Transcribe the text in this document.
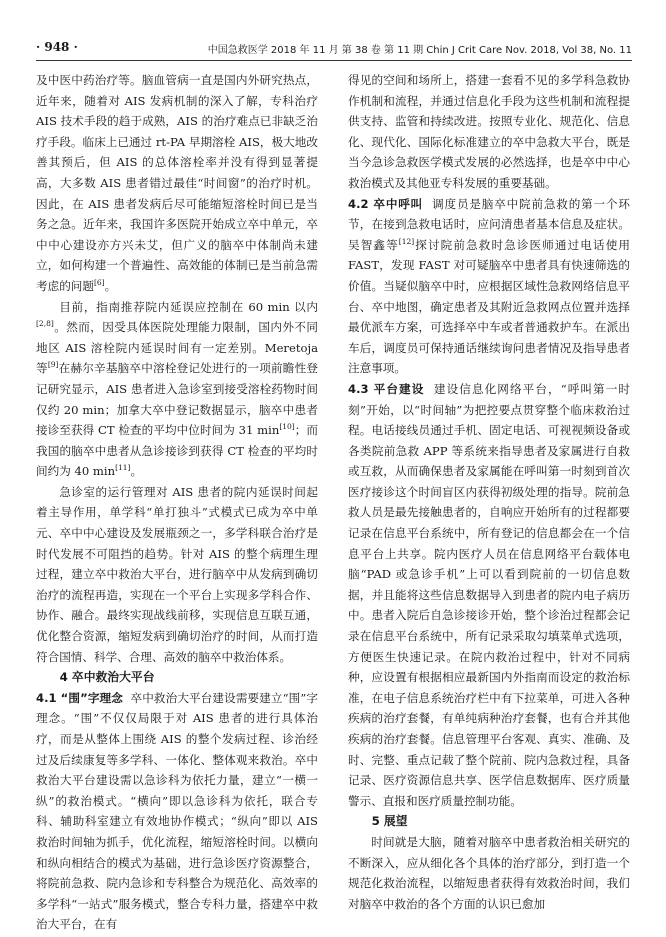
· 948 ·	中国急救医学 2018 年 11 月 第 38 卷 第 11 期 Chin J Crit Care Nov. 2018, Vol 38, No. 11

及中医中药治疗等。脑血管病一直是国内外研究热点，近年来，随着对 AIS 发病机制的深入了解，专科治疗 AIS 技术手段的趋于成熟，AIS 的治疗难点已非缺乏治疗手段。临床上已通过 rt-PA 早期溶栓 AIS，极大地改善其预后，但 AIS 的总体溶栓率并没有得到显著提高，大多数 AIS 患者错过最佳“时间窗”的治疗时机。因此，在 AIS 患者发病后尽可能缩短溶栓时间已是当务之急。近年来，我国许多医院开始成立卒中单元，卒中中心建设亦方兴未艾，但广义的脑卒中体制尚未建立，如何构建一个普遍性、高效能的体制已是当前急需考虑的问题[6]。

目前，指南推荐院内延误应控制在 60 min 以内[2,8]。然而，因受具体医院处理能力限制，国内外不同地区 AIS 溶栓院内延误时间有一定差别。Meretoja 等[9]在赫尔辛基脑卒中溶栓登记处进行的一项前瞻性登记研究显示，AIS 患者进入急诊室到接受溶栓药物时间仅约 20 min；加拿大卒中登记数据显示，脑卒中患者接诊至获得 CT 检查的平均中位时间为 31 min[10]；而我国的脑卒中患者从急诊接诊到获得 CT 检查的平均时间约为 40 min[11]。

急诊室的运行管理对 AIS 患者的院内延误时间起着主导作用，单学科“单打独斗”式模式已成为卒中单元、卒中中心建设及发展瓶颈之一，多学科联合治疗是时代发展不可阻挡的趋势。针对 AIS 的整个病理生理过程，建立卒中救治大平台，进行脑卒中从发病到确切治疗的流程再造，实现在一个平台上实现多学科合作、协作、融合。最终实现战线前移，实现信息互联互通，优化整合资源，缩短发病到确切治疗的时间，从而打造符合国情、科学、合理、高效的脑卒中救治体系。

4 卒中救治大平台

4.1 “围”字理念 卒中救治大平台建设需要建立“围”字理念。“围”不仅仅局限于对 AIS 患者的进行具体治疗，而是从整体上围绕 AIS 的整个发病过程、诊治经过及后续康复等多学科、一体化、整体观来救治。卒中救治大平台建设需以急诊科为依托力量，建立“一横一纵”的救治模式。“横向”即以急诊科为依托，联合专科、辅助科室建立有效地协作模式；“纵向”即以 AIS 救治时间轴为抓手，优化流程，缩短溶栓时间。以横向和纵向相结合的模式为基础，进行急诊医疗资源整合，将院前急救、院内急诊和专科整合为规范化、高效率的多学科“一站式”服务模式，整合专科力量，搭建卒中救治大平台，在有

得见的空间和场所上，搭建一套看不见的多学科急救协作机制和流程，并通过信息化手段为这些机制和流程提供支持、监管和持续改进。按照专业化、规范化、信息化、现代化、国际化标准建立的卒中急救大平台，既是当今急诊急救医学模式发展的必然选择，也是卒中中心救治模式及其他亚专科发展的重要基础。

4.2 卒中呼叫 调度员是脑卒中院前急救的第一个环节，在接到急救电话时，应问清患者基本信息及症状。吴智鑫等[12]探讨院前急救时急诊医师通过电话使用 FAST，发现 FAST 对可疑脑卒中患者具有快速筛选的价值。当疑似脑卒中时，应根据区域性急救网络信息平台、卒中地图，确定患者及其附近急救网点位置并选择最优派车方案，可选择卒中车或者普通救护车。在派出车后，调度员可保持通话继续询问患者情况及指导患者注意事项。

4.3 平台建设 建设信息化网络平台，“呼叫第一时刻”开始，以“时间轴”为把控要点贯穿整个临床救治过程。电话接线员通过手机、固定电话、可视视频设备或各类院前急救 APP 等系统来指导患者及家属进行自救或互救，从而确保患者及家属能在呼叫第一时刻到首次医疗接诊这个时间盲区内获得初级处理的指导。院前急救人员是最先接触患者的，自响应开始所有的过程都要记录在信息平台系统中，所有登记的信息都会在一个信息平台上共享。院内医疗人员在信息网络平台载体电脑“PAD 或急诊手机”上可以看到院前的一切信息数据，并且能将这些信息数据导入到患者的院内电子病历中。患者入院后自急诊接诊开始，整个诊治过程都会记录在信息平台系统中，所有记录采取勾填菜单式选项，方便医生快速记录。在院内救治过程中，针对不同病种，应设置有根据相应最新国内外指南而设定的救治标准，在电子信息系统治疗栏中有下拉菜单，可进入各种疾病的治疗套餐，有单纯病种治疗套餐，也有合并其他疾病的治疗套餐。信息管理平台客观、真实、准确、及时、完整、重点记载了整个院前、院内急救过程，具备记录、医疗资源信息共享、医学信息数据库、医疗质量警示、直报和医疗质量控制功能。

5 展望

时间就是大脑，随着对脑卒中患者救治相关研究的不断深入，应从细化各个具体的治疗部分，到打造一个规范化救治流程，以缩短患者获得有效救治时间，我们对脑卒中救治的各个方面的认识已愈加
